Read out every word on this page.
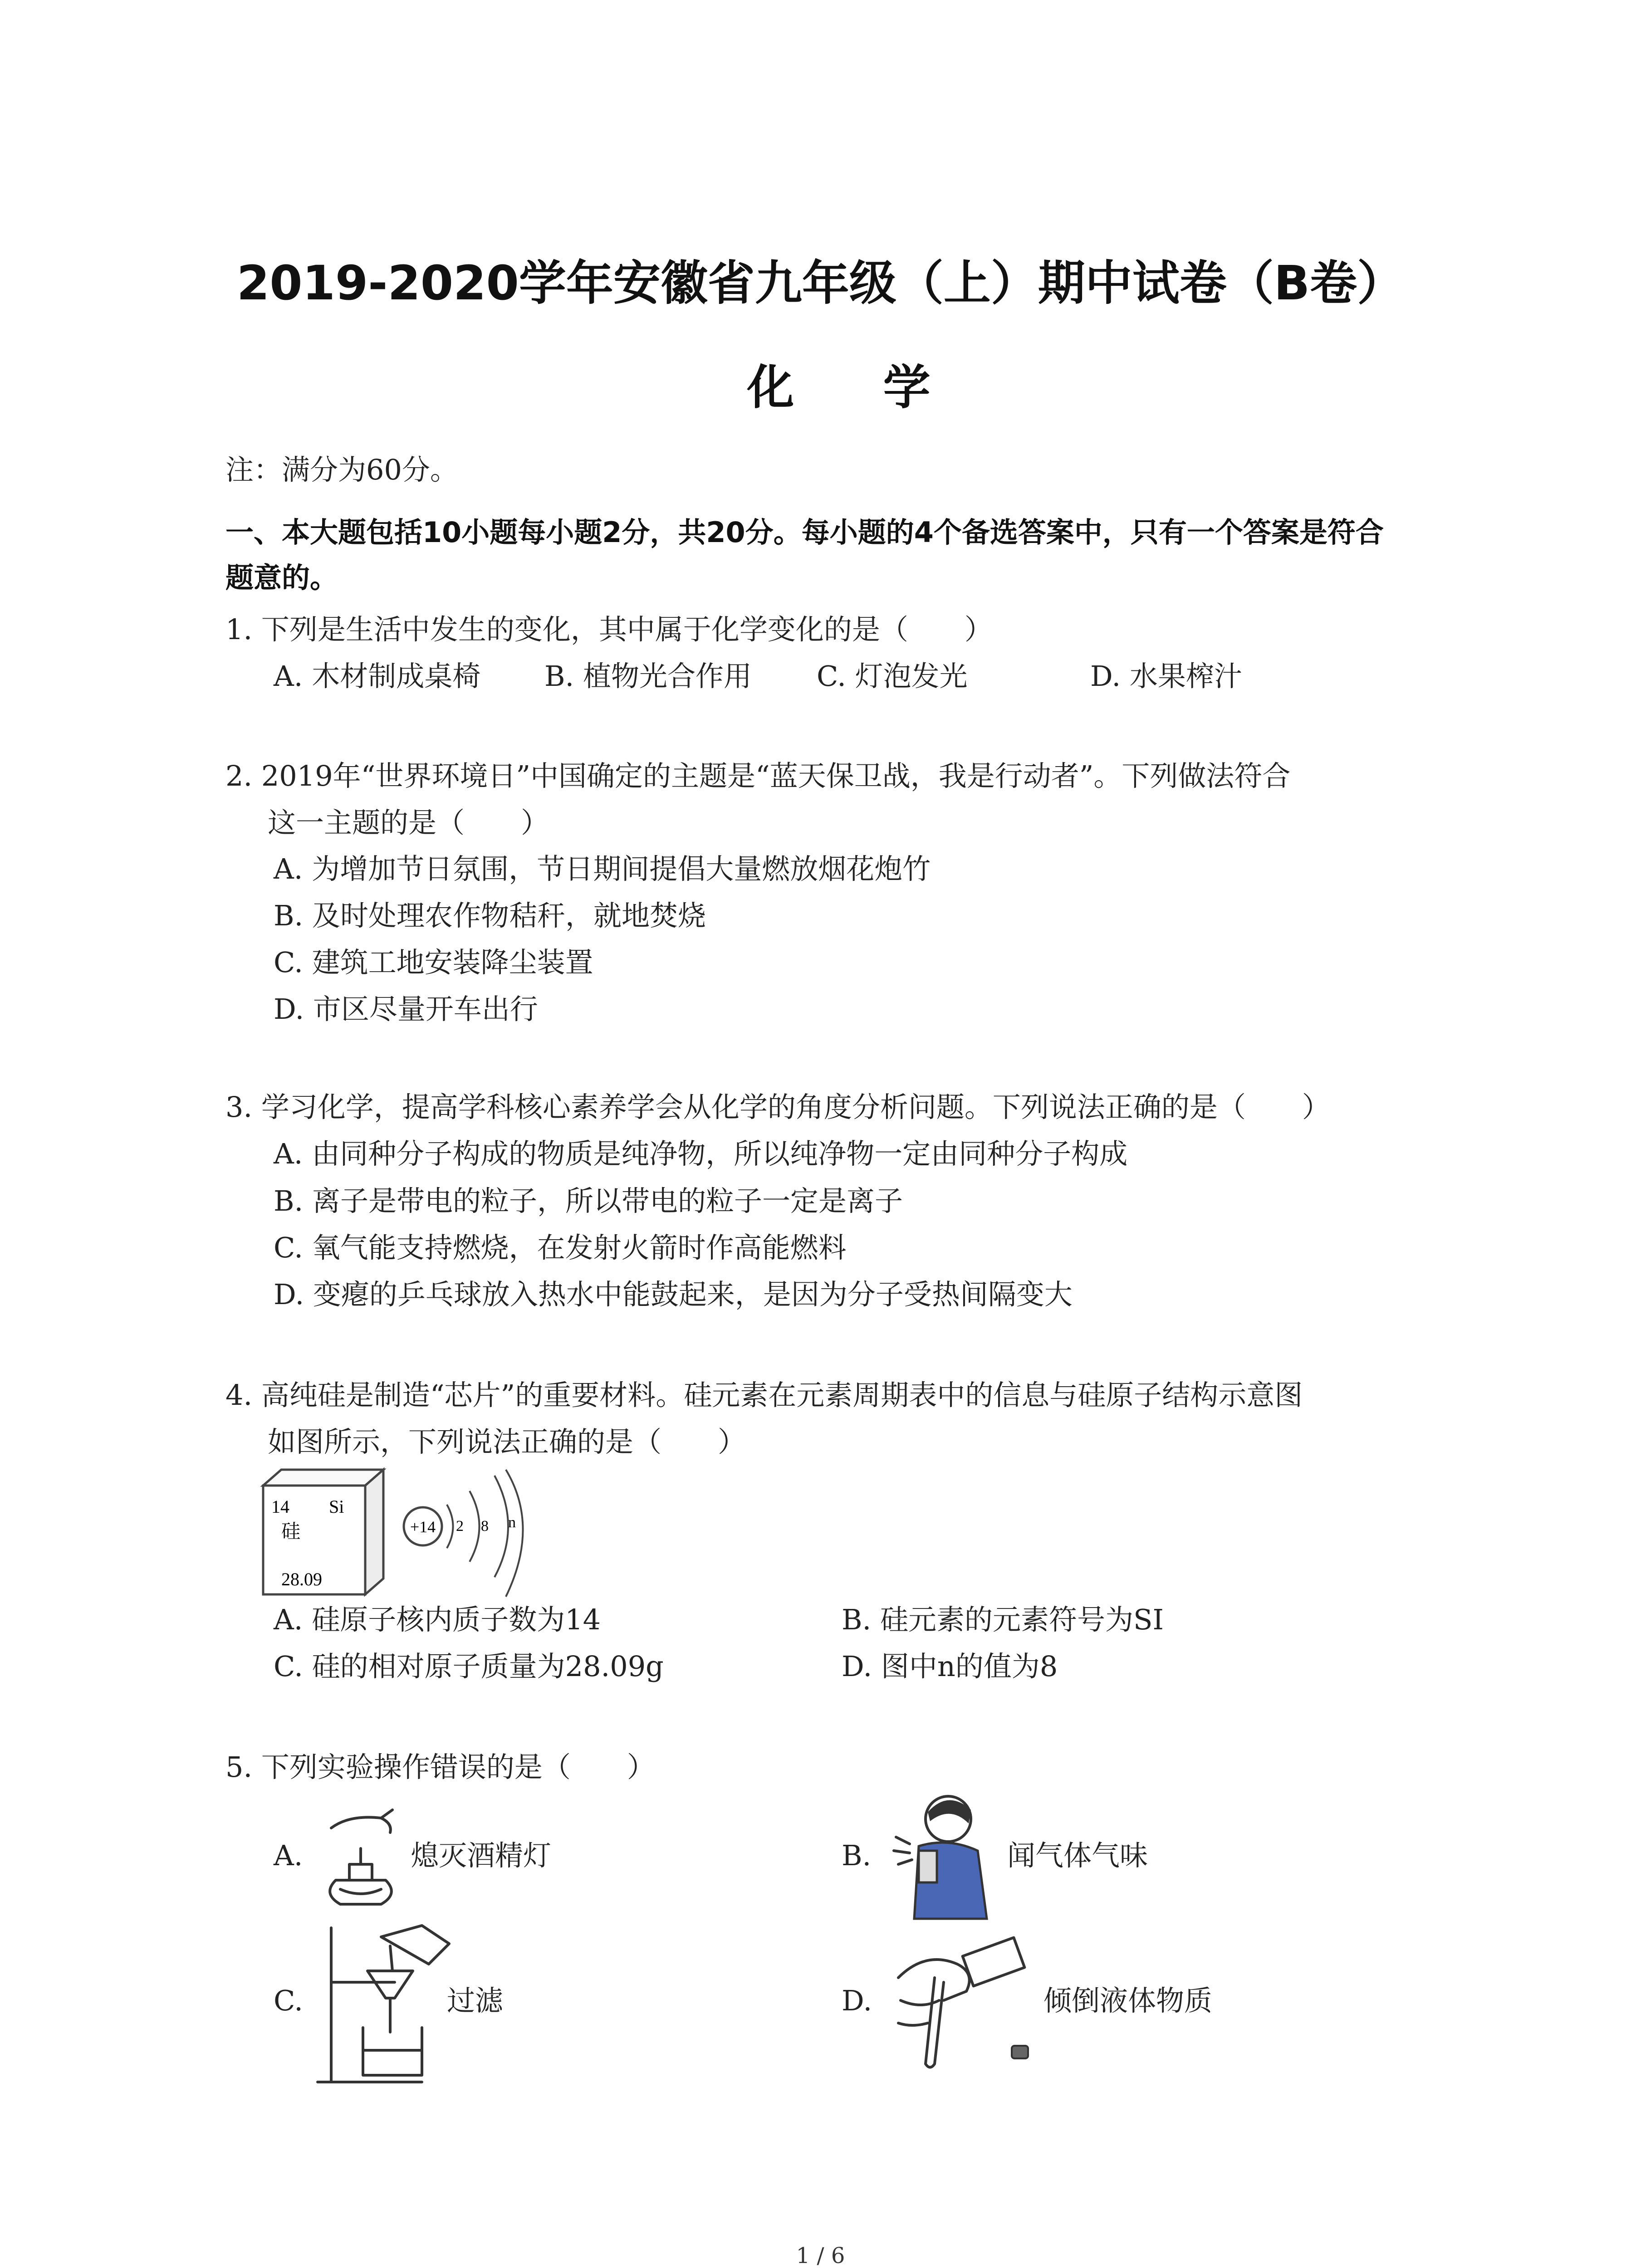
2019-2020学年安徽省九年级（上）期中试卷（B卷）
化 学
注：满分为60分。
一、本大题包括10小题每小题2分，共20分。每小题的4个备选答案中，只有一个答案是符合
题意的。
1. 下列是生活中发生的变化，其中属于化学变化的是（　　）
A. 木材制成桌椅 B. 植物光合作用 C. 灯泡发光	D. 水果榨汁
2. 2019年“世界环境日”中国确定的主题是“蓝天保卫战，我是行动者”。下列做法符合
这一主题的是（　　）
A. 为增加节日氛围，节日期间提倡大量燃放烟花炮竹
B. 及时处理农作物秸秆，就地焚烧
C. 建筑工地安装降尘装置
D. 市区尽量开车出行
3. 学习化学，提高学科核心素养学会从化学的角度分析问题。下列说法正确的是（　　）
A. 由同种分子构成的物质是纯净物，所以纯净物一定由同种分子构成
B. 离子是带电的粒子，所以带电的粒子一定是离子
C. 氧气能支持燃烧，在发射火箭时作高能燃料
D. 变瘪的乒乓球放入热水中能鼓起来，是因为分子受热间隔变大
4. 高纯硅是制造“芯片”的重要材料。硅元素在元素周期表中的信息与硅原子结构示意图
如图所示，下列说法正确的是（　　）
14 Si
硅
28.09
+14 2 8 n
A. 硅原子核内质子数为14	B. 硅元素的元素符号为SI
C. 硅的相对原子质量为28.09g	D. 图中n的值为8
5. 下列实验操作错误的是（　　）
A.	熄灭酒精灯	B.	闻气体气味
C.	过滤	D.	倾倒液体物质
1 / 6
